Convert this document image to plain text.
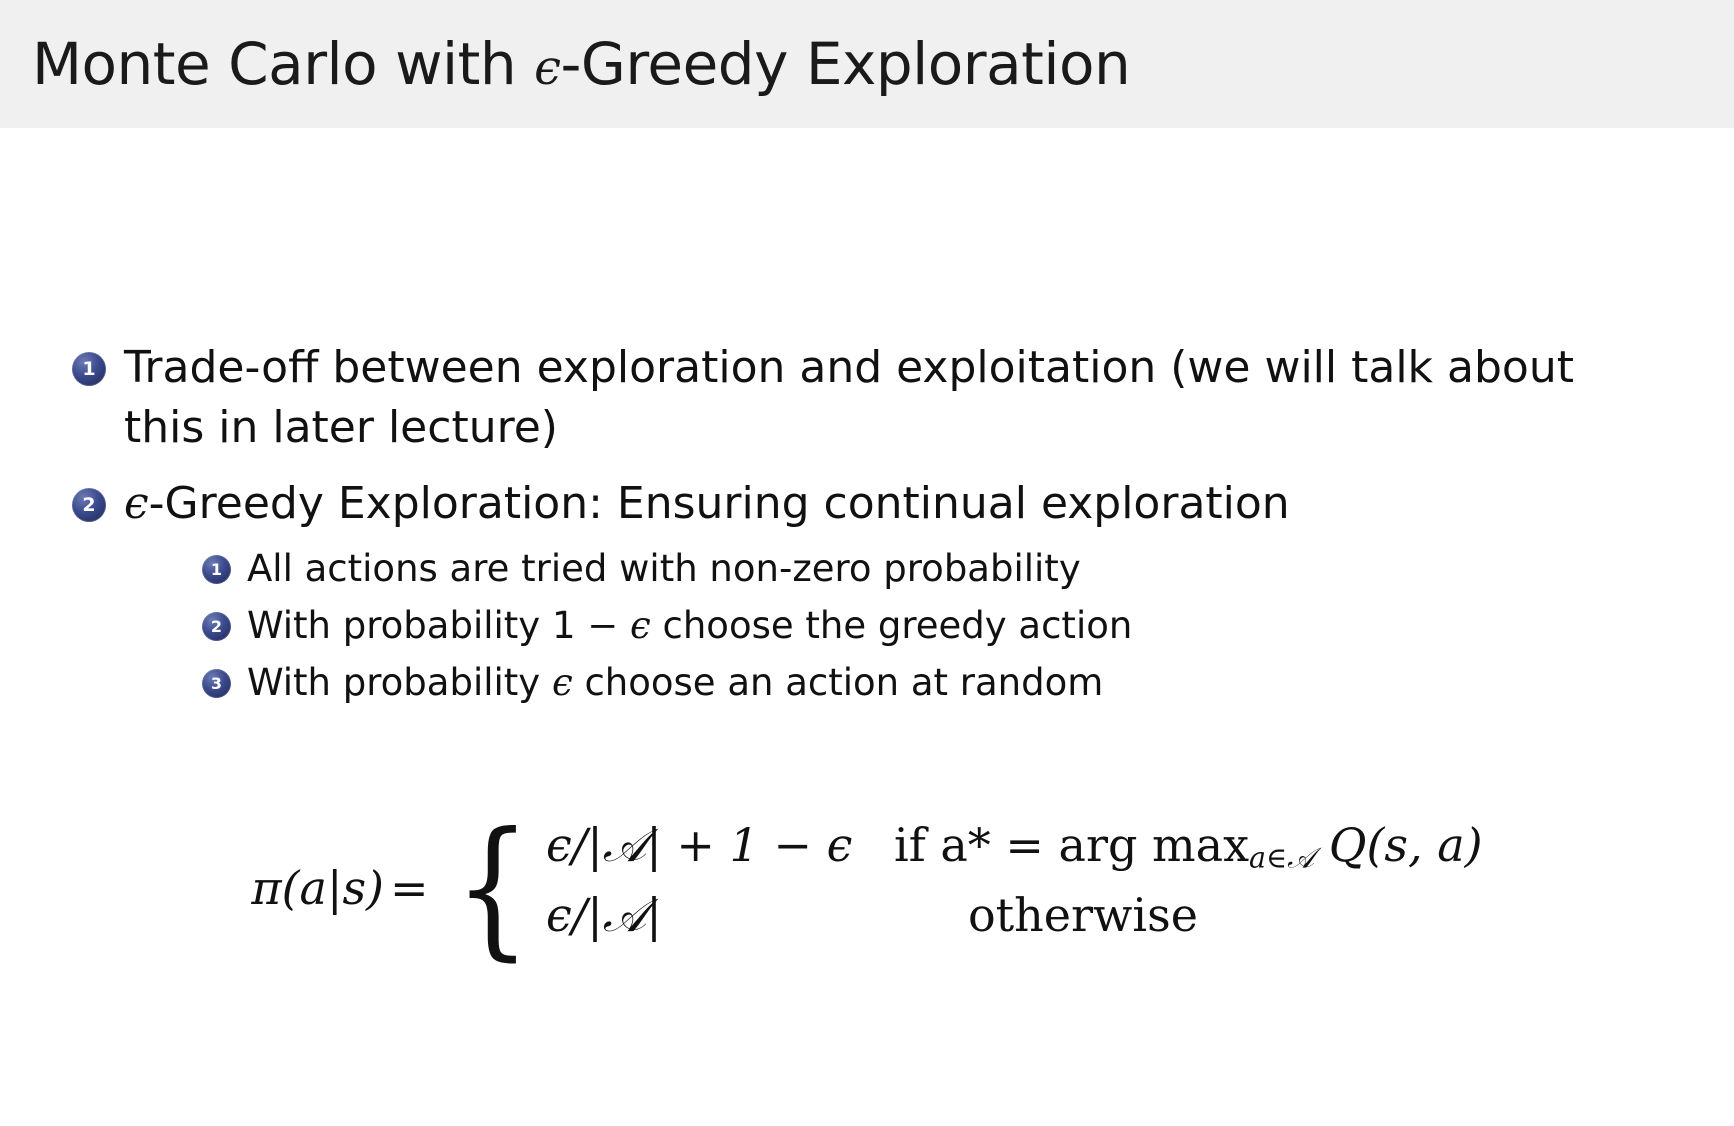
Monte Carlo with ϵ-Greedy Exploration
1 Trade-off between exploration and exploitation (we will talk about this in later lecture)
2 ϵ-Greedy Exploration: Ensuring continual exploration
1 All actions are tried with non-zero probability
2 With probability 1 − ϵ choose the greedy action
3 With probability ϵ choose an action at random
π(a|s) = { ϵ/|𝒜| + 1 − ϵ if a* = arg $\max_{a\in 𝒜} Q(s$, a)
ϵ/|𝒜|	otherwise
